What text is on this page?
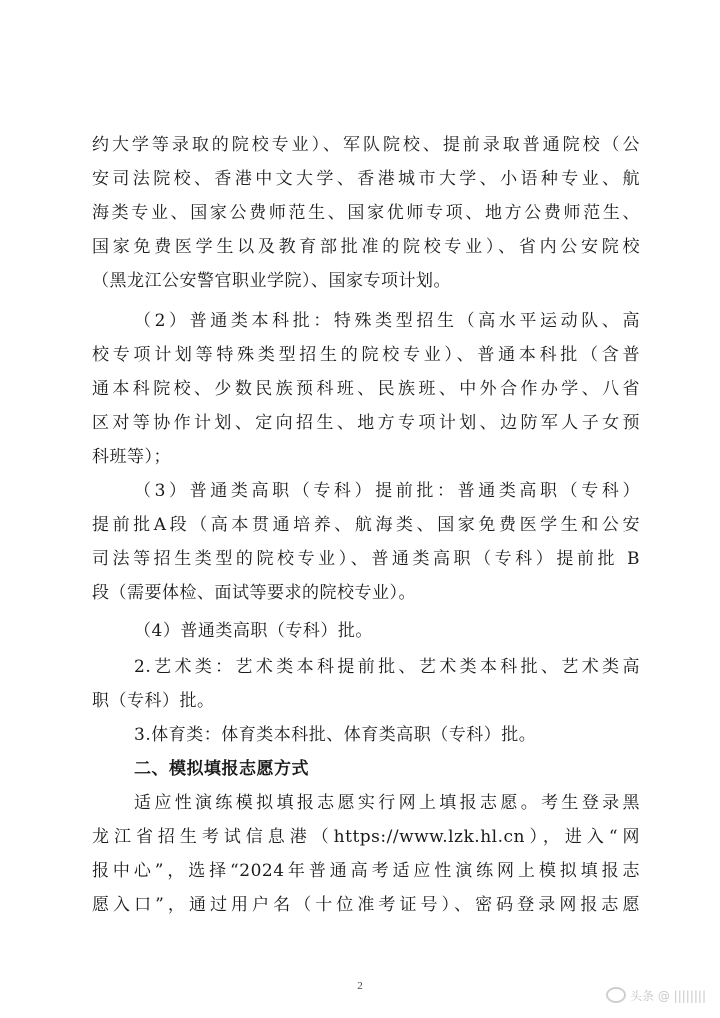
约大学等录取的院校专业）、军队院校、提前录取普通院校（公
安司法院校、香港中文大学、香港城市大学、小语种专业、航
海类专业、国家公费师范生、国家优师专项、地方公费师范生、
国家免费医学生以及教育部批准的院校专业）、省内公安院校
（黑龙江公安警官职业学院）、国家专项计划。
（2）普通类本科批：特殊类型招生（高水平运动队、高
校专项计划等特殊类型招生的院校专业）、普通本科批（含普
通本科院校、少数民族预科班、民族班、中外合作办学、八省
区对等协作计划、定向招生、地方专项计划、边防军人子女预
科班等）；
（3）普通类高职（专科）提前批：普通类高职（专科）
提前批A段（高本贯通培养、航海类、国家免费医学生和公安
司法等招生类型的院校专业）、普通类高职（专科）提前批 B
段（需要体检、面试等要求的院校专业）。
（4）普通类高职（专科）批。
2.艺术类：艺术类本科提前批、艺术类本科批、艺术类高
职（专科）批。
3.体育类：体育类本科批、体育类高职（专科）批。
二、模拟填报志愿方式
适应性演练模拟填报志愿实行网上填报志愿。考生登录黑
龙江省招生考试信息港（https://www.lzk.hl.cn），进入“网
报中心”，选择“2024年普通高考适应性演练网上模拟填报志
愿入口”，通过用户名（十位准考证号）、密码登录网报志愿
2
头条 @ ||||||||
